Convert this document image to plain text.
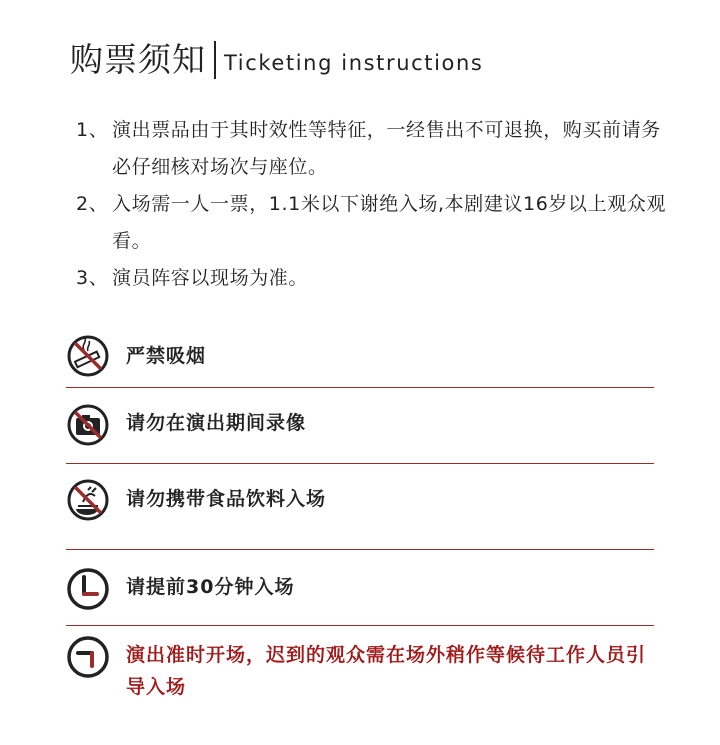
购票须知 Ticketing instructions
1、 演出票品由于其时效性等特征，一经售出不可退换，购买前请务必仔细核对场次与座位。
2、 入场需一人一票，1.1米以下谢绝入场,本剧建议16岁以上观众观看。
3、 演员阵容以现场为准。
严禁吸烟
请勿在演出期间录像
请勿携带食品饮料入场
请提前30分钟入场
演出准时开场，迟到的观众需在场外稍作等候待工作人员引导入场
